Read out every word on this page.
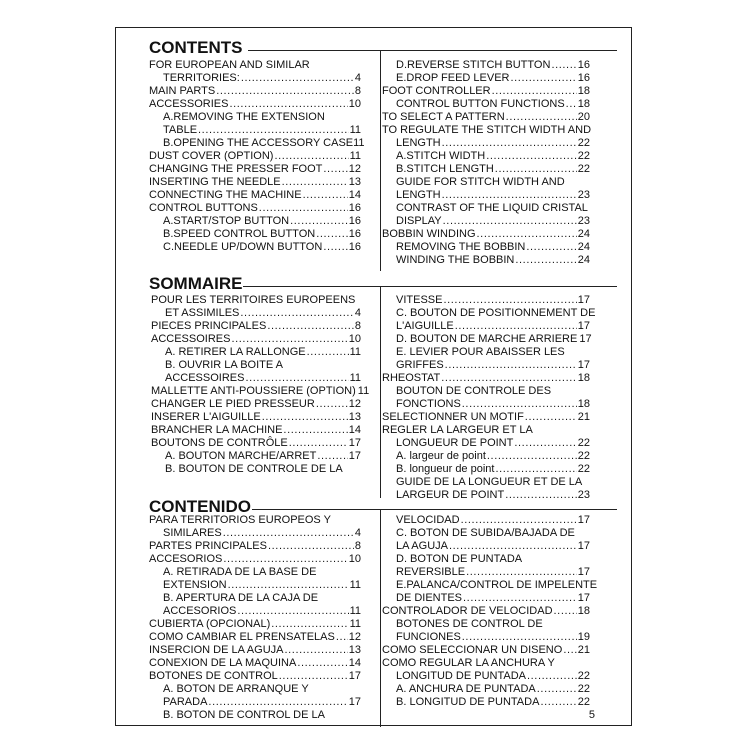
CONTENTS
FOR EUROPEAN AND SIMILAR
TERRITORIES: .....	4
MAIN PARTS .....	8
ACCESSORIES .....	10
A.REMOVING THE EXTENSION
TABLE .....	11
B.OPENING THE ACCESSORY CASE 11
DUST COVER (OPTION) .....	11
CHANGING THE PRESSER FOOT ..... 12
INSERTING THE NEEDLE .....	13
CONNECTING THE MACHINE .....	14
CONTROL BUTTONS .....	16
A.START/STOP BUTTON .....	16
B.SPEED CONTROL BUTTON .....	16
C.NEEDLE UP/DOWN BUTTON ..... 16
D.REVERSE STITCH BUTTON ..... 16
E.DROP FEED LEVER .....	16
FOOT CONTROLLER .....	18
CONTROL BUTTON FUNCTIONS ..... 18
TO SELECT A PATTERN .....	20
TO REGULATE THE STITCH WIDTH AND
LENGTH .....	22
A.STITCH WIDTH .....	22
B.STITCH LENGTH .....	22
GUIDE FOR STITCH WIDTH AND
LENGTH .....	23
CONTRAST OF THE LIQUID CRISTAL
DISPLAY .....	23
BOBBIN WINDING .....	24
REMOVING THE BOBBIN .....	24
WINDING THE BOBBIN .....	24
SOMMAIRE
POUR LES TERRITOIRES EUROPEENS
ET ASSIMILES .....	4
PIECES PRINCIPALES .....	8
ACCESSOIRES .....	10
A. RETIRER LA RALLONGE .....	11
B. OUVRIR LA BOITE A
ACCESSOIRES .....	11
MALLETTE ANTI-POUSSIERE (OPTION) 11
CHANGER LE PIED PRESSEUR .....	12
INSERER L'AIGUILLE .....	13
BRANCHER LA MACHINE .....	14
BOUTONS DE CONTRÔLE .....	17
A. BOUTON MARCHE/ARRET .....	17
B. BOUTON DE CONTROLE DE LA
VITESSE .....	17
C. BOUTON DE POSITIONNEMENT DE
L'AIGUILLE .....	17
D. BOUTON DE MARCHE ARRIERE 17
E. LEVIER POUR ABAISSER LES
GRIFFES .....	17
RHEOSTAT .....	18
BOUTON DE CONTROLE DES
FONCTIONS .....	18
SELECTIONNER UN MOTIF .....	21
REGLER LA LARGEUR ET LA
LONGUEUR DE POINT .....	22
A. largeur de point .....	22
B. longueur de point .....	22
GUIDE DE LA LONGUEUR ET DE LA
LARGEUR DE POINT .....	23
CONTENIDO
PARA TERRITORIOS EUROPEOS Y
SIMILARES .....	4
PARTES PRINCIPALES .....	8
ACCESORIOS .....	10
A. RETIRADA DE LA BASE DE
EXTENSION .....	11
B. APERTURA DE LA CAJA DE
ACCESORIOS .....	11
CUBIERTA (OPCIONAL) .....	11
COMO CAMBIAR EL PRENSATELAS ..... 12
INSERCION DE LA AGUJA .....	13
CONEXION DE LA MAQUINA .....	14
BOTONES DE CONTROL .....	17
A. BOTON DE ARRANQUE Y
PARADA .....	17
B. BOTON DE CONTROL DE LA
VELOCIDAD .....	17
C. BOTON DE SUBIDA/BAJADA DE
LA AGUJA .....	17
D. BOTON DE PUNTADA
REVERSIBLE .....	17
E.PALANCA/CONTROL DE IMPELENTE
DE DIENTES .....	17
CONTROLADOR DE VELOCIDAD ..... 18
BOTONES DE CONTROL DE
FUNCIONES .....	19
COMO SELECCIONAR UN DISENO ..... 21
COMO REGULAR LA ANCHURA Y
LONGITUD DE PUNTADA .....	22
A. ANCHURA DE PUNTADA .....	22
B. LONGITUD DE PUNTADA .....	22
5
